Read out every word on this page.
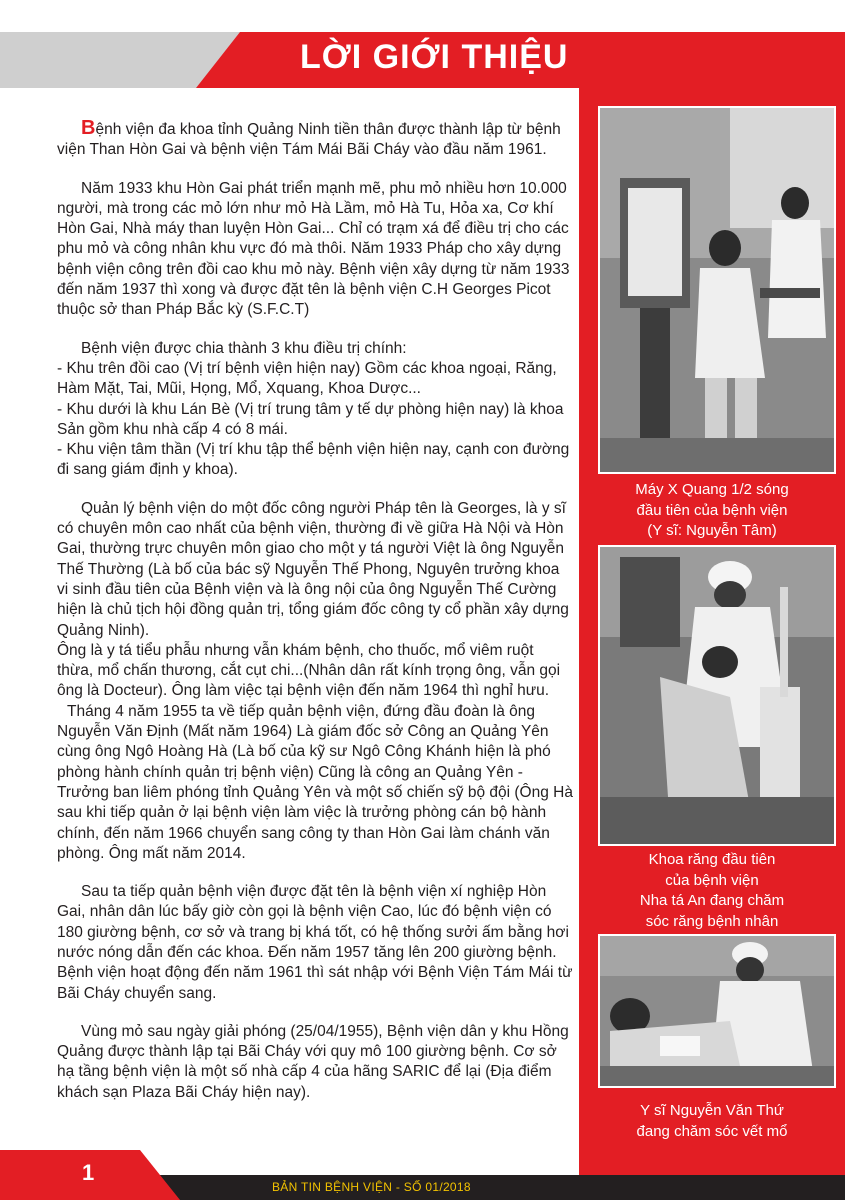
LỜI GIỚI THIỆU

Bệnh viện đa khoa tỉnh Quảng Ninh tiền thân được thành lập từ bệnh viện Than Hòn Gai và bệnh viện Tám Mái Bãi Cháy vào đầu năm 1961.

Năm 1933 khu Hòn Gai phát triển mạnh mẽ, phu mỏ nhiều hơn 10.000 người, mà trong các mỏ lớn như mỏ Hà Lầm, mỏ Hà Tu, Hỏa xa, Cơ khí Hòn Gai, Nhà máy than luyện Hòn Gai... Chỉ có trạm xá để điều trị cho các phu mỏ và công nhân khu vực đó mà thôi. Năm 1933 Pháp cho xây dựng bệnh viện công trên đồi cao khu mỏ này. Bệnh viện xây dựng từ năm 1933 đến năm 1937 thì xong và được đặt tên là bệnh viện C.H Georges Picot thuộc sở than Pháp Bắc kỳ (S.F.C.T)

Bệnh viện được chia thành 3 khu điều trị chính:
- Khu trên đồi cao (Vị trí bệnh viện hiện nay) Gồm các khoa ngoại, Răng, Hàm Mặt, Tai, Mũi, Họng, Mổ, Xquang, Khoa Dược...
- Khu dưới là khu Lán Bè (Vị trí trung tâm y tế dự phòng hiện nay) là khoa Sản gồm khu nhà cấp 4 có 8 mái.
- Khu viện tâm thần (Vị trí khu tập thể bệnh viện hiện nay, cạnh con đường đi sang giám định y khoa).

Quản lý bệnh viện do một đốc công người Pháp tên là Georges, là y sĩ có chuyên môn cao nhất của bệnh viện, thường đi về giữa Hà Nội và Hòn Gai, thường trực chuyên môn giao cho một y tá người Việt là ông Nguyễn Thế Thường (Là bố của bác sỹ Nguyễn Thế Phong, Nguyên trưởng khoa vi sinh đầu tiên của Bệnh viện và là ông nội của ông Nguyễn Thế Cường hiện là chủ tịch hội đồng quản trị, tổng giám đốc công ty cổ phần xây dựng Quảng Ninh).

Ông là y tá tiểu phẫu nhưng vẫn khám bệnh, cho thuốc, mổ viêm ruột thừa, mổ chấn thương, cắt cụt chi...(Nhân dân rất kính trọng ông, vẫn gọi ông là Docteur). Ông làm việc tại bệnh viện đến năm 1964 thì nghỉ hưu.

Tháng 4 năm 1955 ta về tiếp quản bệnh viện, đứng đầu đoàn là ông Nguyễn Văn Định (Mất năm 1964) Là giám đốc sở Công an Quảng Yên cùng ông Ngô Hoàng Hà (Là bố của kỹ sư Ngô Công Khánh hiện là phó phòng hành chính quản trị bệnh viện) Cũng là công an Quảng Yên - Trưởng ban liêm phóng tỉnh Quảng Yên và một số chiến sỹ bộ đội (Ông Hà sau khi tiếp quản ở lại bệnh viện làm việc là trưởng phòng cán bộ hành chính, đến năm 1966 chuyển sang công ty than Hòn Gai làm chánh văn phòng. Ông mất năm 2014.

Sau ta tiếp quản bệnh viện được đặt tên là bệnh viện xí nghiệp Hòn Gai, nhân dân lúc bấy giờ còn gọi là bệnh viện Cao, lúc đó bệnh viện có 180 giường bệnh, cơ sở và trang bị khá tốt, có hệ thống sưởi ấm bằng hơi nước nóng dẫn đến các khoa. Đến năm 1957 tăng lên 200 giường bệnh. Bệnh viện hoạt động đến năm 1961 thì sát nhập với Bệnh Viện Tám Mái từ Bãi Cháy chuyển sang.

Vùng mỏ sau ngày giải phóng (25/04/1955), Bệnh viện dân y khu Hồng Quảng được thành lập tại Bãi Cháy với quy mô 100 giường bệnh. Cơ sở hạ tầng bệnh viện là một số nhà cấp 4 của hãng SARIC để lại (Địa điểm khách sạn Plaza Bãi Cháy hiện nay).

Máy X Quang 1/2 sóng
đầu tiên của bệnh viện
(Y sĩ: Nguyễn Tâm)
Khoa răng đầu tiên
của bệnh viện
Nha tá An đang chăm
sóc răng bệnh nhân
Y sĩ Nguyễn Văn Thứ
đang chăm sóc vết mổ
1
BẢN TIN BỆNH VIỆN - SỐ 01/2018
